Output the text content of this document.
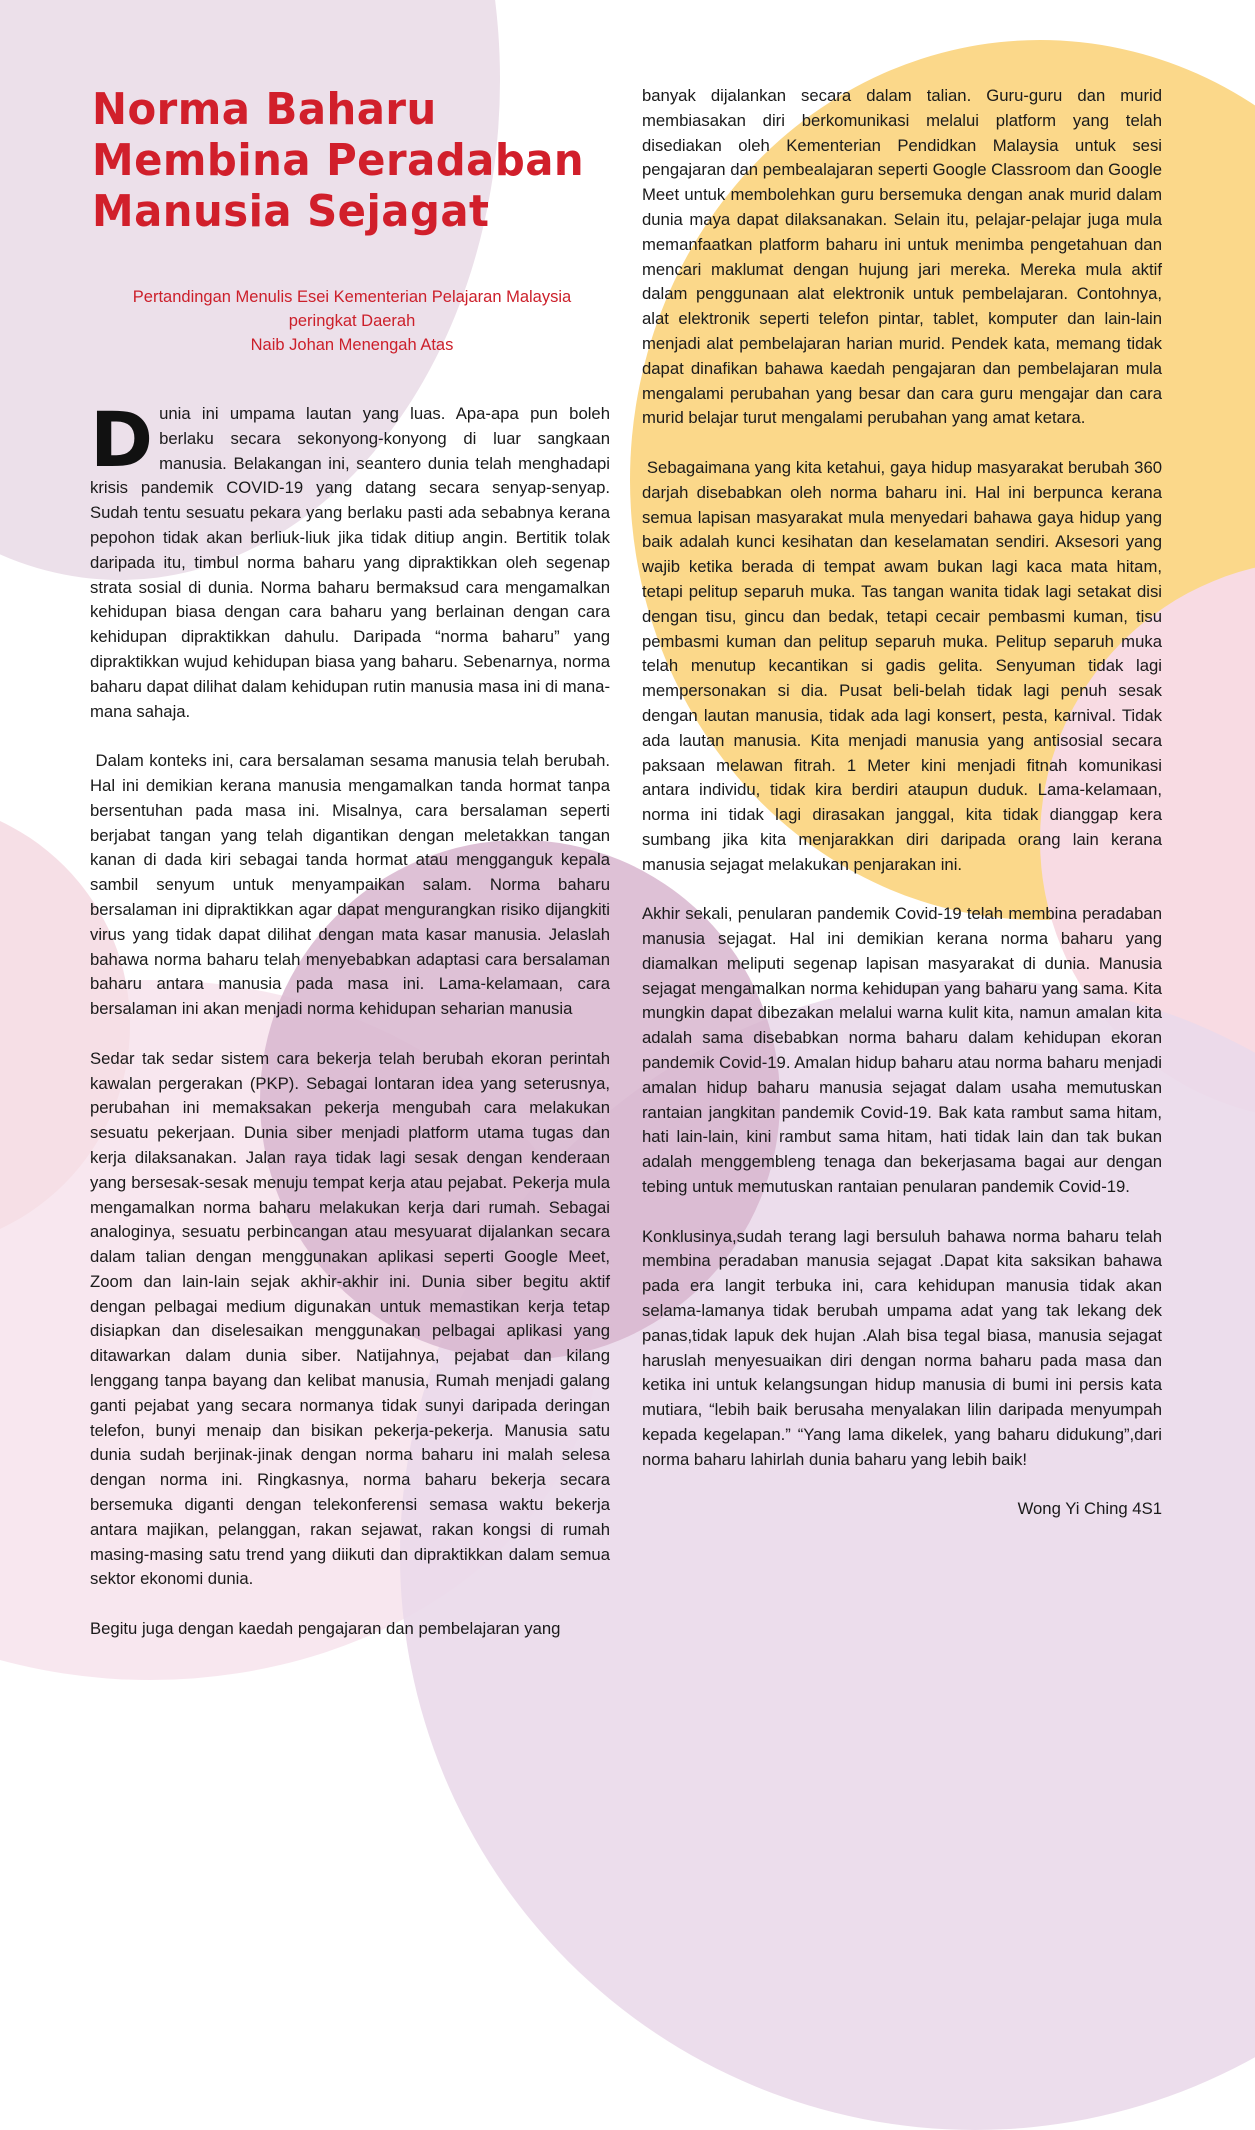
Norma Baharu
Membina Peradaban
Manusia Sejagat
Pertandingan Menulis Esei Kementerian Pelajaran Malaysia
peringkat Daerah
Naib Johan Menengah Atas

Dunia ini umpama lautan yang luas. Apa-apa pun boleh berlaku secara sekonyong-konyong di luar sangkaan manusia. Belakangan ini, seantero dunia telah menghadapi krisis pandemik COVID-19 yang datang secara senyap-senyap. Sudah tentu sesuatu pekara yang berlaku pasti ada sebabnya kerana pepohon tidak akan berliuk-liuk jika tidak ditiup angin. Bertitik tolak daripada itu, timbul norma baharu yang dipraktikkan oleh segenap strata sosial di dunia. Norma baharu bermaksud cara mengamalkan kehidupan biasa dengan cara baharu yang berlainan dengan cara kehidupan dipraktikkan dahulu. Daripada “norma baharu” yang dipraktikkan wujud kehidupan biasa yang baharu. Sebenarnya, norma baharu dapat dilihat dalam kehidupan rutin manusia masa ini di mana-mana sahaja.

Dalam konteks ini, cara bersalaman sesama manusia telah berubah. Hal ini demikian kerana manusia mengamalkan tanda hormat tanpa bersentuhan pada masa ini. Misalnya, cara bersalaman seperti berjabat tangan yang telah digantikan dengan meletakkan tangan kanan di dada kiri sebagai tanda hormat atau mengganguk kepala sambil senyum untuk menyampaikan salam. Norma baharu bersalaman ini dipraktikkan agar dapat mengurangkan risiko dijangkiti virus yang tidak dapat dilihat dengan mata kasar manusia. Jelaslah bahawa norma baharu telah menyebabkan adaptasi cara bersalaman baharu antara manusia pada masa ini. Lama-kelamaan, cara bersalaman ini akan menjadi norma kehidupan seharian manusia

Sedar tak sedar sistem cara bekerja telah berubah ekoran perintah kawalan pergerakan (PKP). Sebagai lontaran idea yang seterusnya, perubahan ini memaksakan pekerja mengubah cara melakukan sesuatu pekerjaan. Dunia siber menjadi platform utama tugas dan kerja dilaksanakan. Jalan raya tidak lagi sesak dengan kenderaan yang bersesak-sesak menuju tempat kerja atau pejabat. Pekerja mula mengamalkan norma baharu melakukan kerja dari rumah. Sebagai analoginya, sesuatu perbincangan atau mesyuarat dijalankan secara dalam talian dengan menggunakan aplikasi seperti Google Meet, Zoom dan lain-lain sejak akhir-akhir ini. Dunia siber begitu aktif dengan pelbagai medium digunakan untuk memastikan kerja tetap disiapkan dan diselesaikan menggunakan pelbagai aplikasi yang ditawarkan dalam dunia siber. Natijahnya, pejabat dan kilang lenggang tanpa bayang dan kelibat manusia, Rumah menjadi galang ganti pejabat yang secara normanya tidak sunyi daripada deringan telefon, bunyi menaip dan bisikan pekerja-pekerja. Manusia satu dunia sudah berjinak-jinak dengan norma baharu ini malah selesa dengan norma ini. Ringkasnya, norma baharu bekerja secara bersemuka diganti dengan telekonferensi semasa waktu bekerja antara majikan, pelanggan, rakan sejawat, rakan kongsi di rumah masing-masing satu trend yang diikuti dan dipraktikkan dalam semua sektor ekonomi dunia.

Begitu juga dengan kaedah pengajaran dan pembelajaran yang

banyak dijalankan secara dalam talian. Guru-guru dan murid membiasakan diri berkomunikasi melalui platform yang telah disediakan oleh Kementerian Pendidkan Malaysia untuk sesi pengajaran dan pembealajaran seperti Google Classroom dan Google Meet untuk membolehkan guru bersemuka dengan anak murid dalam dunia maya dapat dilaksanakan. Selain itu, pelajar-pelajar juga mula memanfaatkan platform baharu ini untuk menimba pengetahuan dan mencari maklumat dengan hujung jari mereka. Mereka mula aktif dalam penggunaan alat elektronik untuk pembelajaran. Contohnya, alat elektronik seperti telefon pintar, tablet, komputer dan lain-lain menjadi alat pembelajaran harian murid. Pendek kata, memang tidak dapat dinafikan bahawa kaedah pengajaran dan pembelajaran mula mengalami perubahan yang besar dan cara guru mengajar dan cara murid belajar turut mengalami perubahan yang amat ketara.

Sebagaimana yang kita ketahui, gaya hidup masyarakat berubah 360 darjah disebabkan oleh norma baharu ini. Hal ini berpunca kerana semua lapisan masyarakat mula menyedari bahawa gaya hidup yang baik adalah kunci kesihatan dan keselamatan sendiri. Aksesori yang wajib ketika berada di tempat awam bukan lagi kaca mata hitam, tetapi pelitup separuh muka. Tas tangan wanita tidak lagi setakat disi dengan tisu, gincu dan bedak, tetapi cecair pembasmi kuman, tisu pembasmi kuman dan pelitup separuh muka. Pelitup separuh muka telah menutup kecantikan si gadis gelita. Senyuman tidak lagi mempersonakan si dia. Pusat beli-belah tidak lagi penuh sesak dengan lautan manusia, tidak ada lagi konsert, pesta, karnival. Tidak ada lautan manusia. Kita menjadi manusia yang antisosial secara paksaan melawan fitrah. 1 Meter kini menjadi fitnah komunikasi antara individu, tidak kira berdiri ataupun duduk. Lama-kelamaan, norma ini tidak lagi dirasakan janggal, kita tidak dianggap kera sumbang jika kita menjarakkan diri daripada orang lain kerana manusia sejagat melakukan penjarakan ini.

Akhir sekali, penularan pandemik Covid-19 telah membina peradaban manusia sejagat. Hal ini demikian kerana norma baharu yang diamalkan meliputi segenap lapisan masyarakat di dunia. Manusia sejagat mengamalkan norma kehidupan yang baharu yang sama. Kita mungkin dapat dibezakan melalui warna kulit kita, namun amalan kita adalah sama disebabkan norma baharu dalam kehidupan ekoran pandemik Covid-19. Amalan hidup baharu atau norma baharu menjadi amalan hidup baharu manusia sejagat dalam usaha memutuskan rantaian jangkitan pandemik Covid-19. Bak kata rambut sama hitam, hati lain-lain, kini rambut sama hitam, hati tidak lain dan tak bukan adalah menggembleng tenaga dan bekerjasama bagai aur dengan tebing untuk memutuskan rantaian penularan pandemik Covid-19.

Konklusinya,sudah terang lagi bersuluh bahawa norma baharu telah membina peradaban manusia sejagat .Dapat kita saksikan bahawa pada era langit terbuka ini, cara kehidupan manusia tidak akan selama-lamanya tidak berubah umpama adat yang tak lekang dek panas,tidak lapuk dek hujan .Alah bisa tegal biasa, manusia sejagat haruslah menyesuaikan diri dengan norma baharu pada masa dan ketika ini untuk kelangsungan hidup manusia di bumi ini persis kata mutiara, “lebih baik berusaha menyalakan lilin daripada menyumpah kepada kegelapan.” “Yang lama dikelek, yang baharu didukung”,dari norma baharu lahirlah dunia baharu yang lebih baik!

Wong Yi Ching 4S1
